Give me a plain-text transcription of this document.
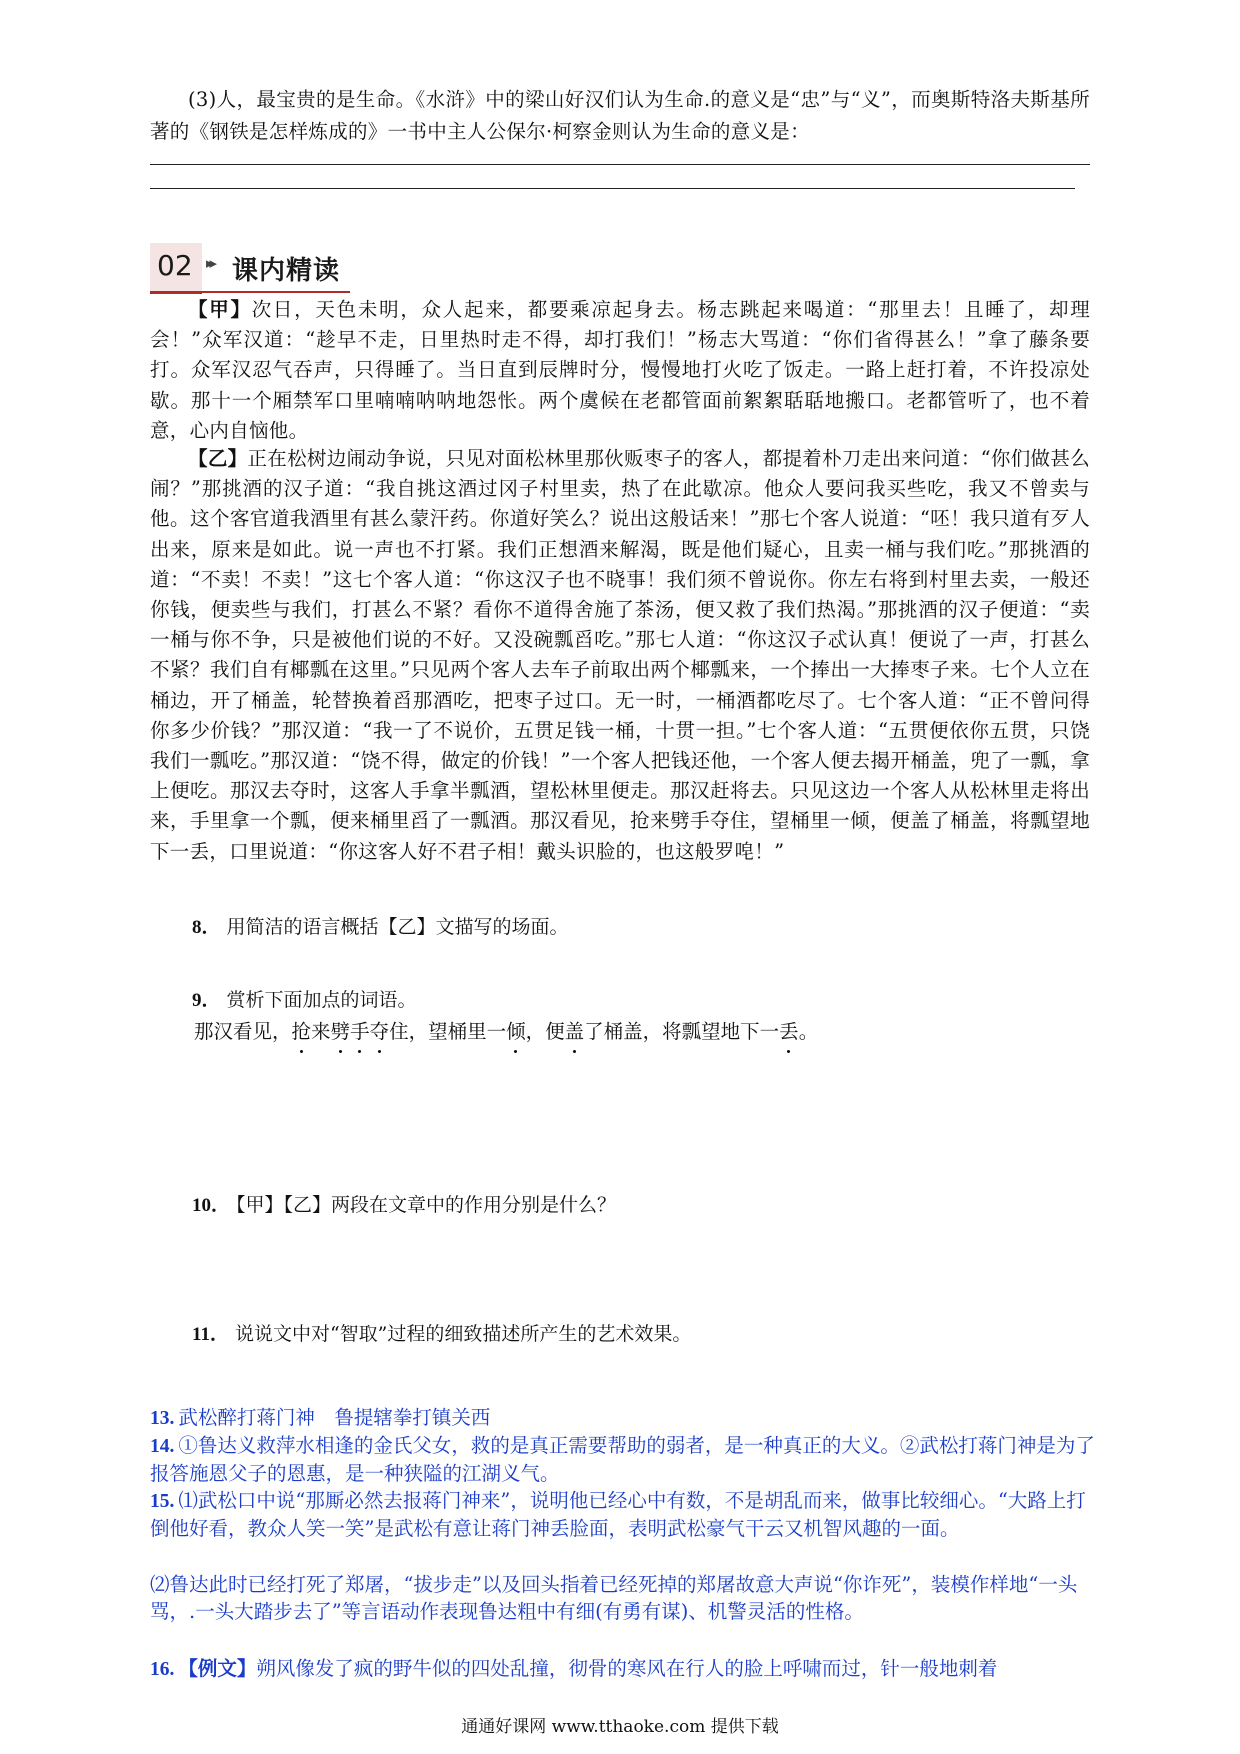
(3)人，最宝贵的是生命。《水浒》中的梁山好汉们认为生命.的意义是“忠”与“义”，而奥斯特洛夫斯基所著的《钢铁是怎样炼成的》一书中主人公保尔·柯察金则认为生命的意义是：
02 ▸▸ 课内精读
【甲】次日，天色未明，众人起来，都要乘凉起身去。杨志跳起来喝道：“那里去！且睡了，却理会！”众军汉道：“趁早不走，日里热时走不得，却打我们！”杨志大骂道：“你们省得甚么！”拿了藤条要打。众军汉忍气吞声，只得睡了。当日直到辰牌时分，慢慢地打火吃了饭走。一路上赶打着，不许投凉处歇。那十一个厢禁军口里喃喃呐呐地怨怅。两个虞候在老都管面前絮絮聒聒地搬口。老都管听了，也不着意，心内自恼他。
【乙】正在松树边闹动争说，只见对面松林里那伙贩枣子的客人，都提着朴刀走出来问道：“你们做甚么闹？”那挑酒的汉子道：“我自挑这酒过冈子村里卖，热了在此歇凉。他众人要问我买些吃，我又不曾卖与他。这个客官道我酒里有甚么蒙汗药。你道好笑么？说出这般话来！”那七个客人说道：“呸！我只道有歹人出来，原来是如此。说一声也不打紧。我们正想酒来解渴，既是他们疑心，且卖一桶与我们吃。”那挑酒的道：“不卖！不卖！”这七个客人道：“你这汉子也不晓事！我们须不曾说你。你左右将到村里去卖，一般还你钱，便卖些与我们，打甚么不紧？看你不道得舍施了茶汤，便又救了我们热渴。”那挑酒的汉子便道：“卖一桶与你不争，只是被他们说的不好。又没碗瓢舀吃。”那七人道：“你这汉子忒认真！便说了一声，打甚么不紧？我们自有椰瓢在这里。”只见两个客人去车子前取出两个椰瓢来，一个捧出一大捧枣子来。七个人立在桶边，开了桶盖，轮替换着舀那酒吃，把枣子过口。无一时，一桶酒都吃尽了。七个客人道：“正不曾问得你多少价钱？”那汉道：“我一了不说价，五贯足钱一桶，十贯一担。”七个客人道：“五贯便依你五贯，只饶我们一瓢吃。”那汉道：“饶不得，做定的价钱！”一个客人把钱还他，一个客人便去揭开桶盖，兜了一瓢，拿上便吃。那汉去夺时，这客人手拿半瓢酒，望松林里便走。那汉赶将去。只见这边一个客人从松林里走将出来，手里拿一个瓢，便来桶里舀了一瓢酒。那汉看见，抢来劈手夺住，望桶里一倾，便盖了桶盖，将瓢望地下一丢，口里说道：“你这客人好不君子相！戴头识脸的，也这般罗唣！”
8． 用简洁的语言概括【乙】文描写的场面。
9． 赏析下面加点的词语。
那汉看见，抢来劈手夺住，望桶里一倾，便盖了桶盖，将瓢望地下一丢。
10． 【甲】【乙】两段在文章中的作用分别是什么？
11． 说说文中对“智取”过程的细致描述所产生的艺术效果。
13. 武松醉打蒋门神　鲁提辖拳打镇关西
14. ①鲁达义救萍水相逢的金氏父女，救的是真正需要帮助的弱者，是一种真正的大义。②武松打蒋门神是为了报答施恩父子的恩惠，是一种狭隘的江湖义气。
15. ⑴武松口中说“那厮必然去报蒋门神来”，说明他已经心中有数，不是胡乱而来，做事比较细心。“大路上打倒他好看，教众人笑一笑”是武松有意让蒋门神丢脸面，表明武松豪气干云又机智风趣的一面。
⑵鲁达此时已经打死了郑屠，“拔步走”以及回头指着已经死掉的郑屠故意大声说“你诈死”，装模作样地“一头骂，.一头大踏步去了”等言语动作表现鲁达粗中有细(有勇有谋)、机警灵活的性格。
16. 【例文】朔风像发了疯的野牛似的四处乱撞，彻骨的寒风在行人的脸上呼啸而过，针一般地刺着
通通好课网 www.tthaoke.com 提供下载
